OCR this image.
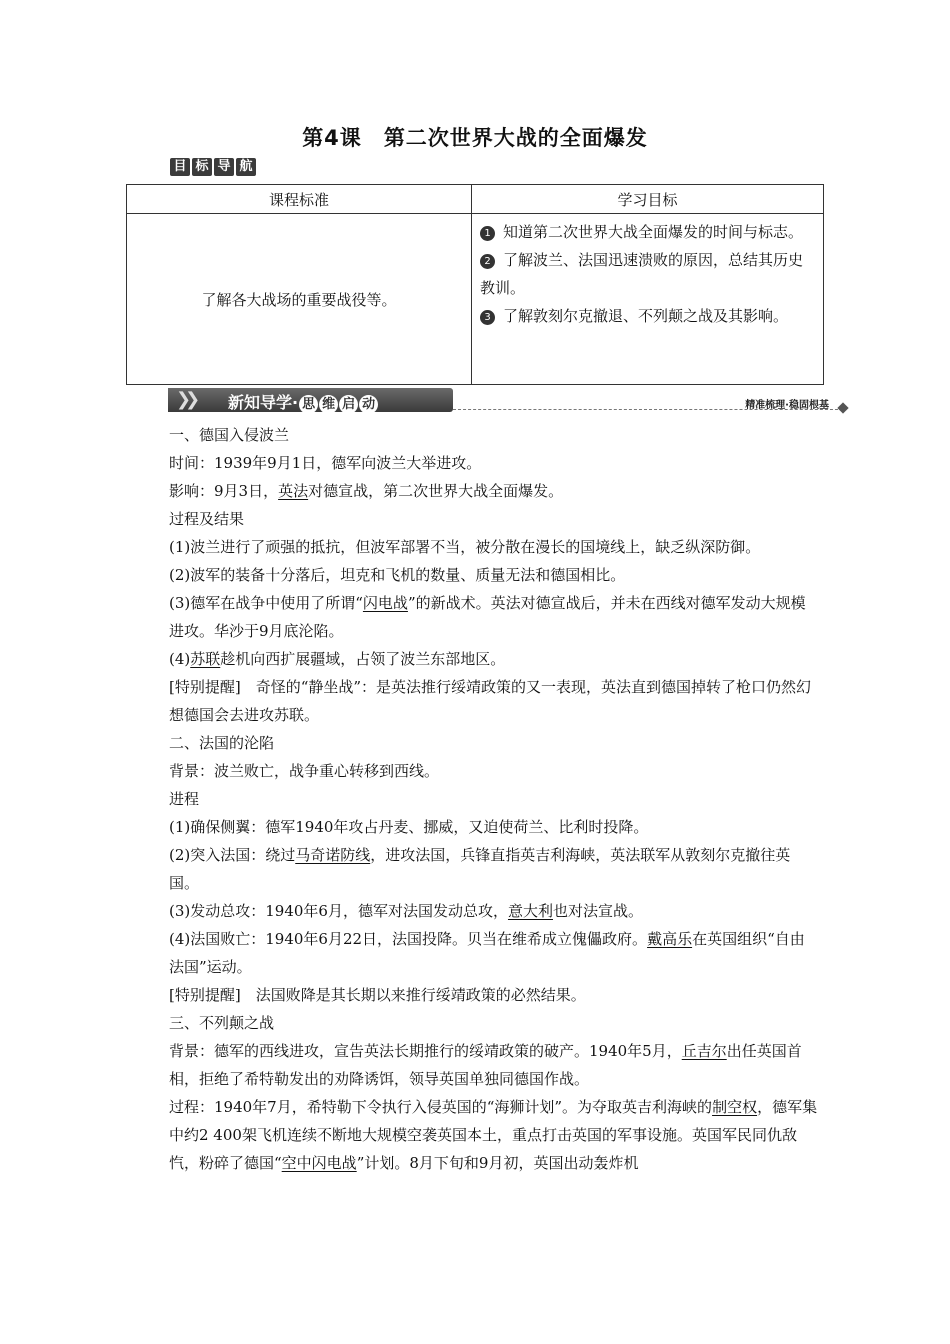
第4课 第二次世界大战的全面爆发
目 标 导 航
课程标准	学习目标
了解各大战场的重要战役等。	1 知道第二次世界大战全面爆发的时间与标志。
2 了解波兰、法国迅速溃败的原因，总结其历史教训。
3 了解敦刻尔克撤退、不列颠之战及其影响。
❯❯ 新知导学· 思 维 启 动	精准梳理·稳固根基

一、德国入侵波兰

时间：1939年9月1日，德军向波兰大举进攻。

影响：9月3日，英法对德宣战，第二次世界大战全面爆发。

过程及结果

(1)波兰进行了顽强的抵抗，但波军部署不当，被分散在漫长的国境线上，缺乏纵深防御。

(2)波军的装备十分落后，坦克和飞机的数量、质量无法和德国相比。

(3)德军在战争中使用了所谓“闪电战”的新战术。英法对德宣战后，并未在西线对德军发动大规模进攻。华沙于9月底沦陷。

(4)苏联趁机向西扩展疆域，占领了波兰东部地区。

[特别提醒]　奇怪的“静坐战”：是英法推行绥靖政策的又一表现，英法直到德国掉转了枪口仍然幻想德国会去进攻苏联。

二、法国的沦陷

背景：波兰败亡，战争重心转移到西线。

进程

(1)确保侧翼：德军1940年攻占丹麦、挪威，又迫使荷兰、比利时投降。

(2)突入法国：绕过马奇诺防线，进攻法国，兵锋直指英吉利海峡，英法联军从敦刻尔克撤往英国。

(3)发动总攻：1940年6月，德军对法国发动总攻，意大利也对法宣战。

(4)法国败亡：1940年6月22日，法国投降。贝当在维希成立傀儡政府。戴高乐在英国组织“自由法国”运动。

[特别提醒]　法国败降是其长期以来推行绥靖政策的必然结果。

三、不列颠之战

背景：德军的西线进攻，宣告英法长期推行的绥靖政策的破产。1940年5月，丘吉尔出任英国首相，拒绝了希特勒发出的劝降诱饵，领导英国单独同德国作战。

过程：1940年7月，希特勒下令执行入侵英国的“海狮计划”。为夺取英吉利海峡的制空权，德军集中约2 400架飞机连续不断地大规模空袭英国本土，重点打击英国的军事设施。英国军民同仇敌忾，粉碎了德国“空中闪电战”计划。8月下旬和9月初，英国出动轰炸机
